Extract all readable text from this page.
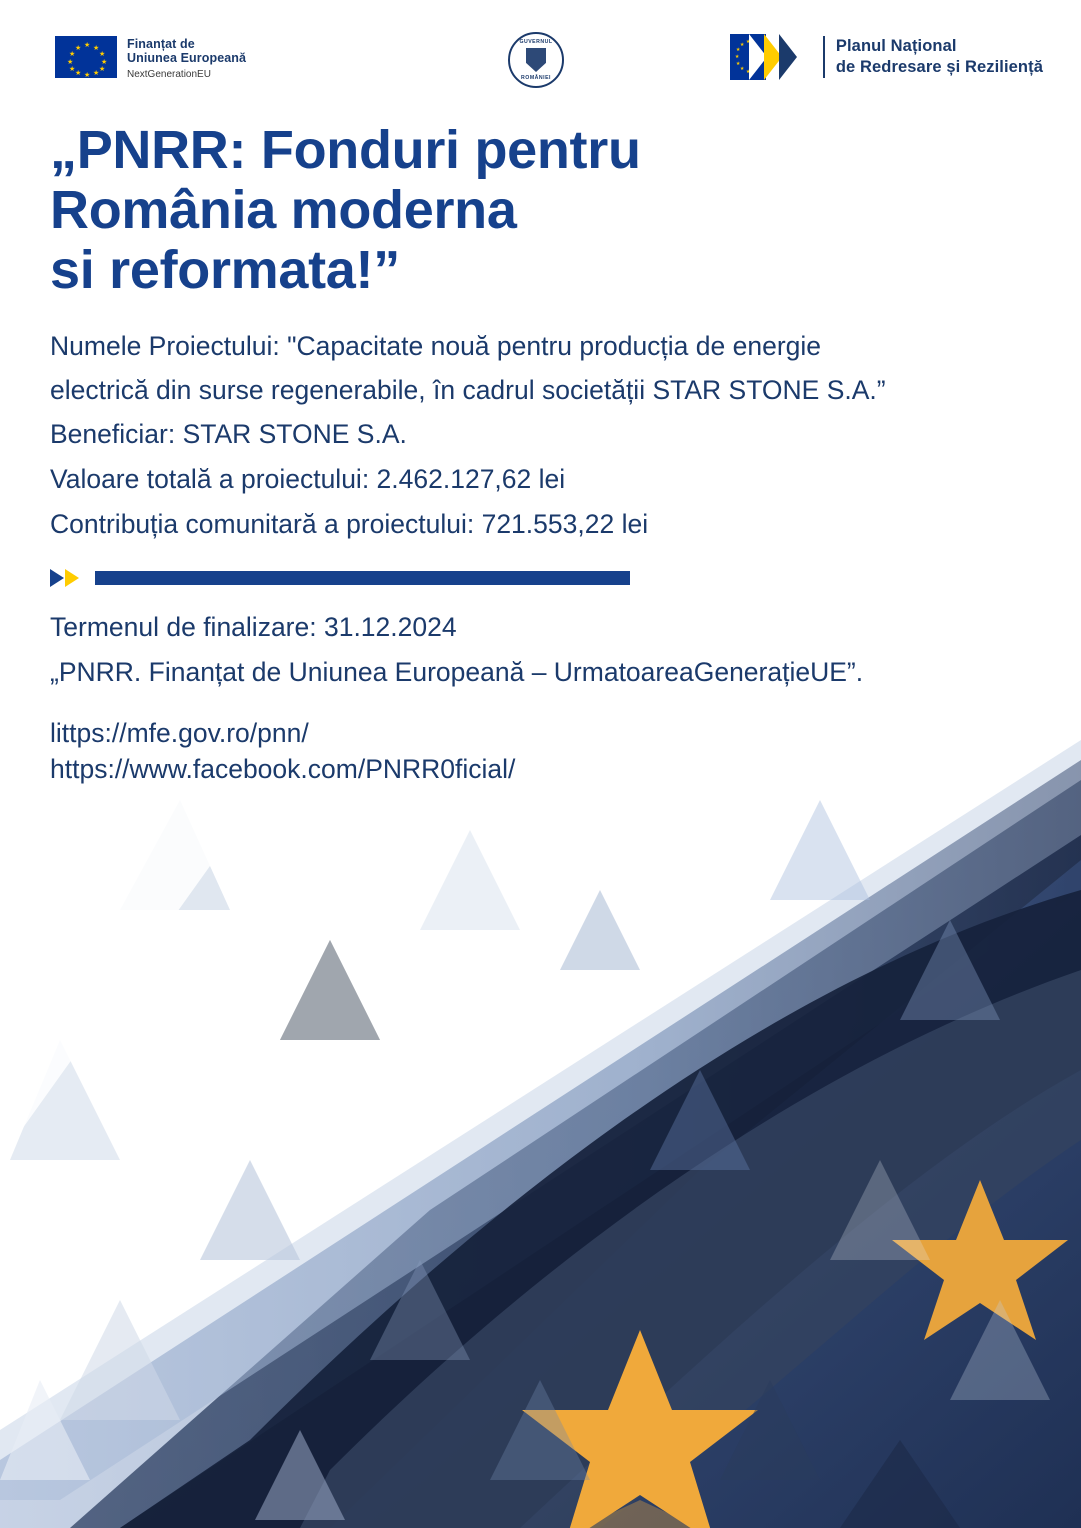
★ ★
★
★
★
★
★
★
★
★
★
★	Finanțat de
Uniunea Europeană
NextGenerationEU
GUVERNUL
ROMÂNIEI
★ ★
★
★
★
★
★
★
★
★
★
★	Planul Național
de Redresare și Reziliență
„PNRR: Fonduri pentru
România moderna
si reformata!”

Numele Proiectului: "Capacitate nouă pentru producția de energie

electrică din surse regenerabile, în cadrul societății STAR STONE S.A.”

Beneficiar: STAR STONE S.A.

Valoare totală a proiectului: 2.462.127,62 lei

Contribuția comunitară a proiectului: 721.553,22 lei

Termenul de finalizare: 31.12.2024

„PNRR. Finanțat de Uniunea Europeană – UrmatoareaGenerațieUE”.

littps://mfe.gov.ro/pnn/
https://www.facebook.com/PNRR0ficial/
